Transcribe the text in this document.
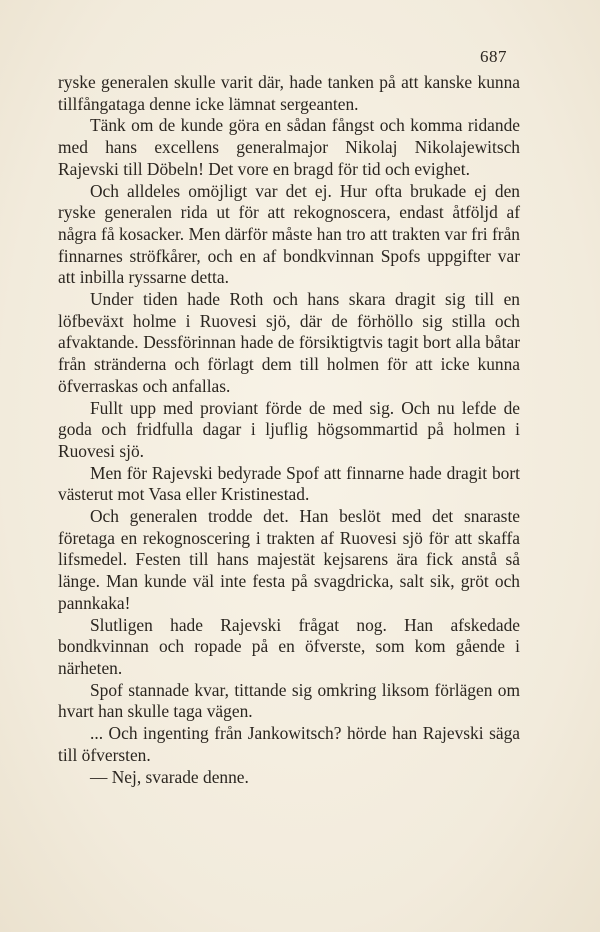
687

ryske generalen skulle varit där, hade tanken på att kanske kunna tillfångataga denne icke lämnat sergeanten.

Tänk om de kunde göra en sådan fångst och komma ridande med hans excellens generalmajor Nikolaj Nikolajewitsch Rajevski till Döbeln! Det vore en bragd för tid och evighet.

Och alldeles omöjligt var det ej. Hur ofta brukade ej den ryske generalen rida ut för att rekognoscera, endast åtföljd af några få kosacker. Men därför måste han tro att trakten var fri från finnarnes ströfkårer, och en af bondkvinnan Spofs uppgifter var att inbilla ryssarne detta.

Under tiden hade Roth och hans skara dragit sig till en löfbeväxt holme i Ruovesi sjö, där de förhöllo sig stilla och afvaktande. Dessförinnan hade de försiktigtvis tagit bort alla båtar från stränderna och förlagt dem till holmen för att icke kunna öfverraskas och anfallas.

Fullt upp med proviant förde de med sig. Och nu lefde de goda och fridfulla dagar i ljuflig högsommartid på holmen i Ruovesi sjö.

Men för Rajevski bedyrade Spof att finnarne hade dragit bort västerut mot Vasa eller Kristinestad.

Och generalen trodde det. Han beslöt med det snaraste företaga en rekognoscering i trakten af Ruovesi sjö för att skaffa lifsmedel. Festen till hans majestät kejsarens ära fick anstå så länge. Man kunde väl inte festa på svagdricka, salt sik, gröt och pannkaka!

Slutligen hade Rajevski frågat nog. Han afskedade bondkvinnan och ropade på en öfverste, som kom gående i närheten.

Spof stannade kvar, tittande sig omkring liksom förlägen om hvart han skulle taga vägen.

... Och ingenting från Jankowitsch? hörde han Rajevski säga till öfversten.

— Nej, svarade denne.
